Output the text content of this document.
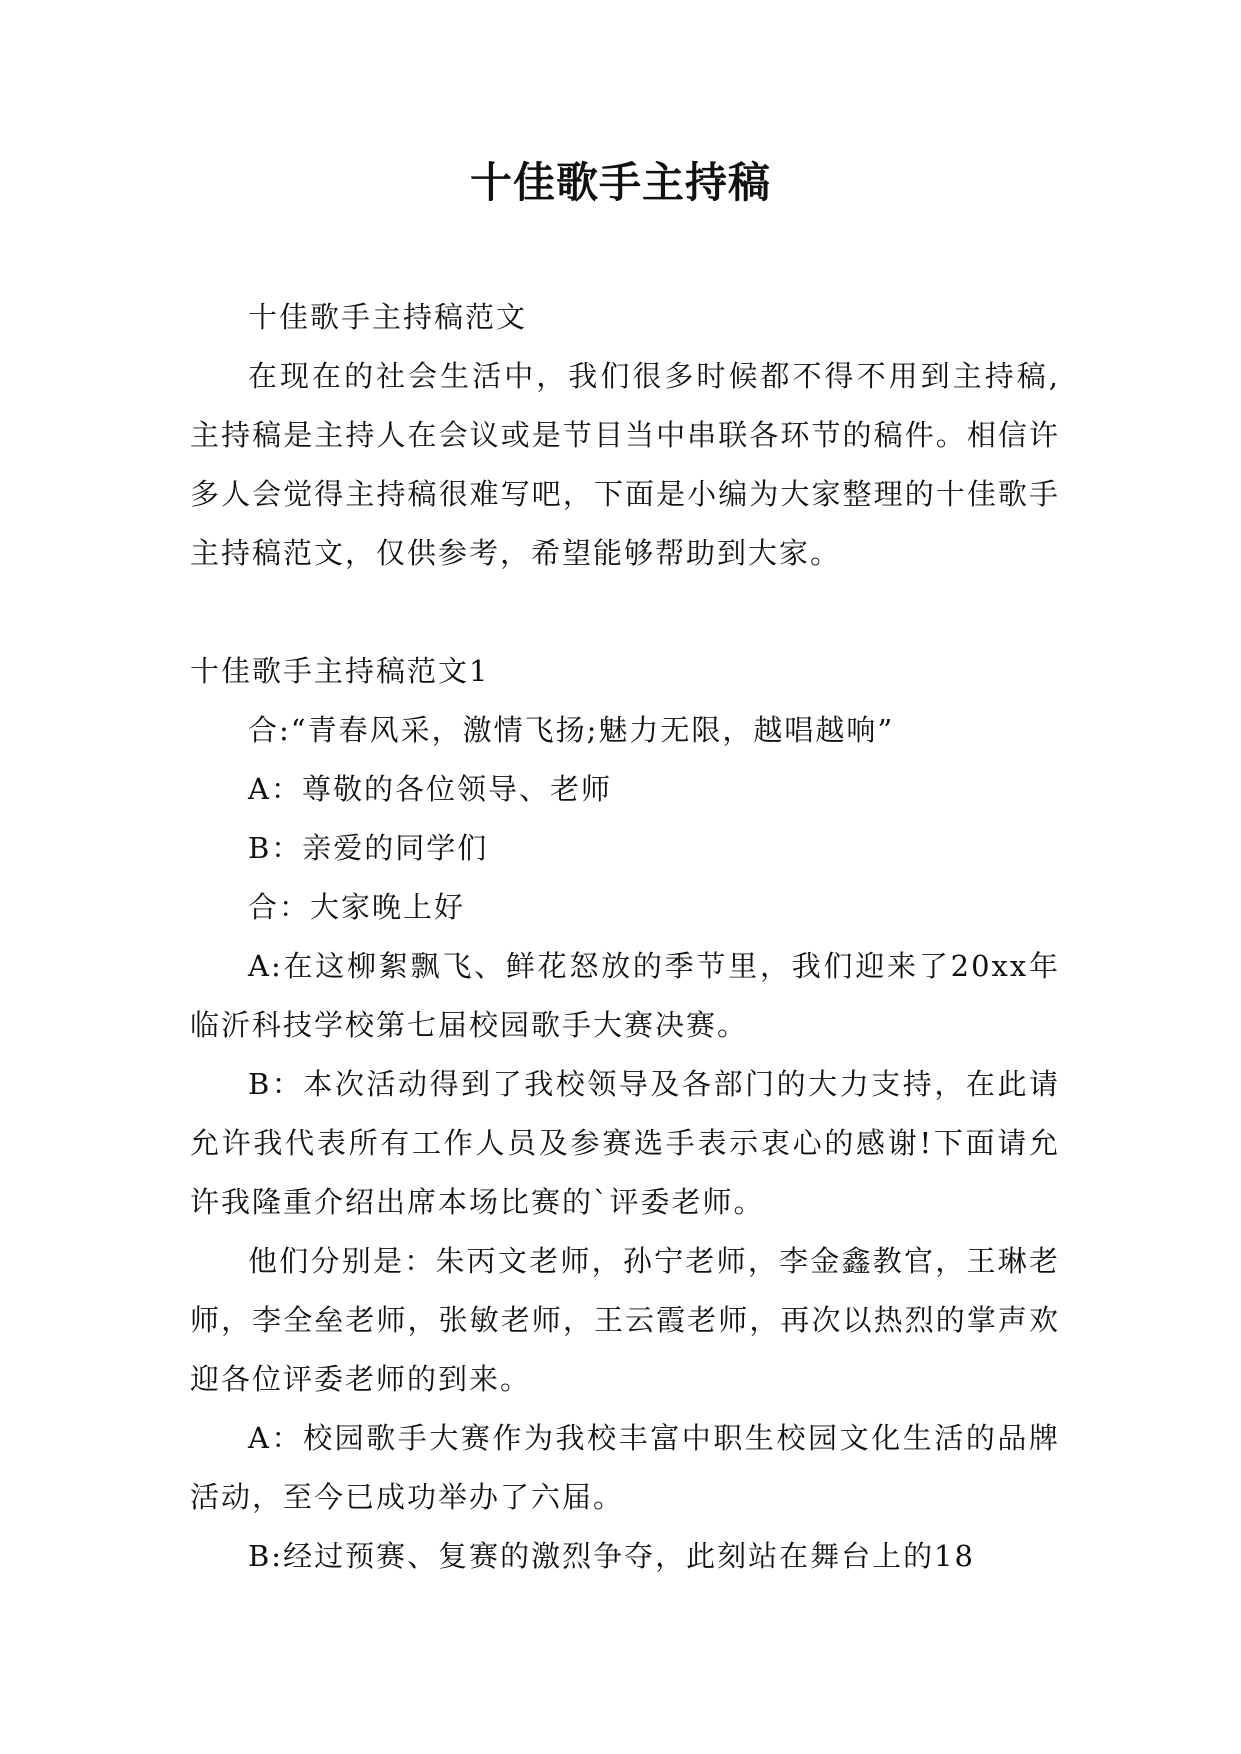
十佳歌手主持稿

十佳歌手主持稿范文

在现在的社会生活中，我们很多时候都不得不用到主持稿,主持稿是主持人在会议或是节目当中串联各环节的稿件。相信许多人会觉得主持稿很难写吧，下面是小编为大家整理的十佳歌手主持稿范文，仅供参考，希望能够帮助到大家。

十佳歌手主持稿范文1

合:“青春风采，激情飞扬;魅力无限，越唱越响”

A：尊敬的各位领导、老师

B：亲爱的同学们

合：大家晚上好

A:在这柳絮飘飞、鲜花怒放的季节里，我们迎来了20xx年临沂科技学校第七届校园歌手大赛决赛。

B：本次活动得到了我校领导及各部门的大力支持，在此请允许我代表所有工作人员及参赛选手表示衷心的感谢!下面请允许我隆重介绍出席本场比赛的`评委老师。

他们分别是：朱丙文老师，孙宁老师，李金鑫教官，王琳老师，李全垒老师，张敏老师，王云霞老师，再次以热烈的掌声欢迎各位评委老师的到来。

A：校园歌手大赛作为我校丰富中职生校园文化生活的品牌活动，至今已成功举办了六届。

B:经过预赛、复赛的激烈争夺，此刻站在舞台上的18
